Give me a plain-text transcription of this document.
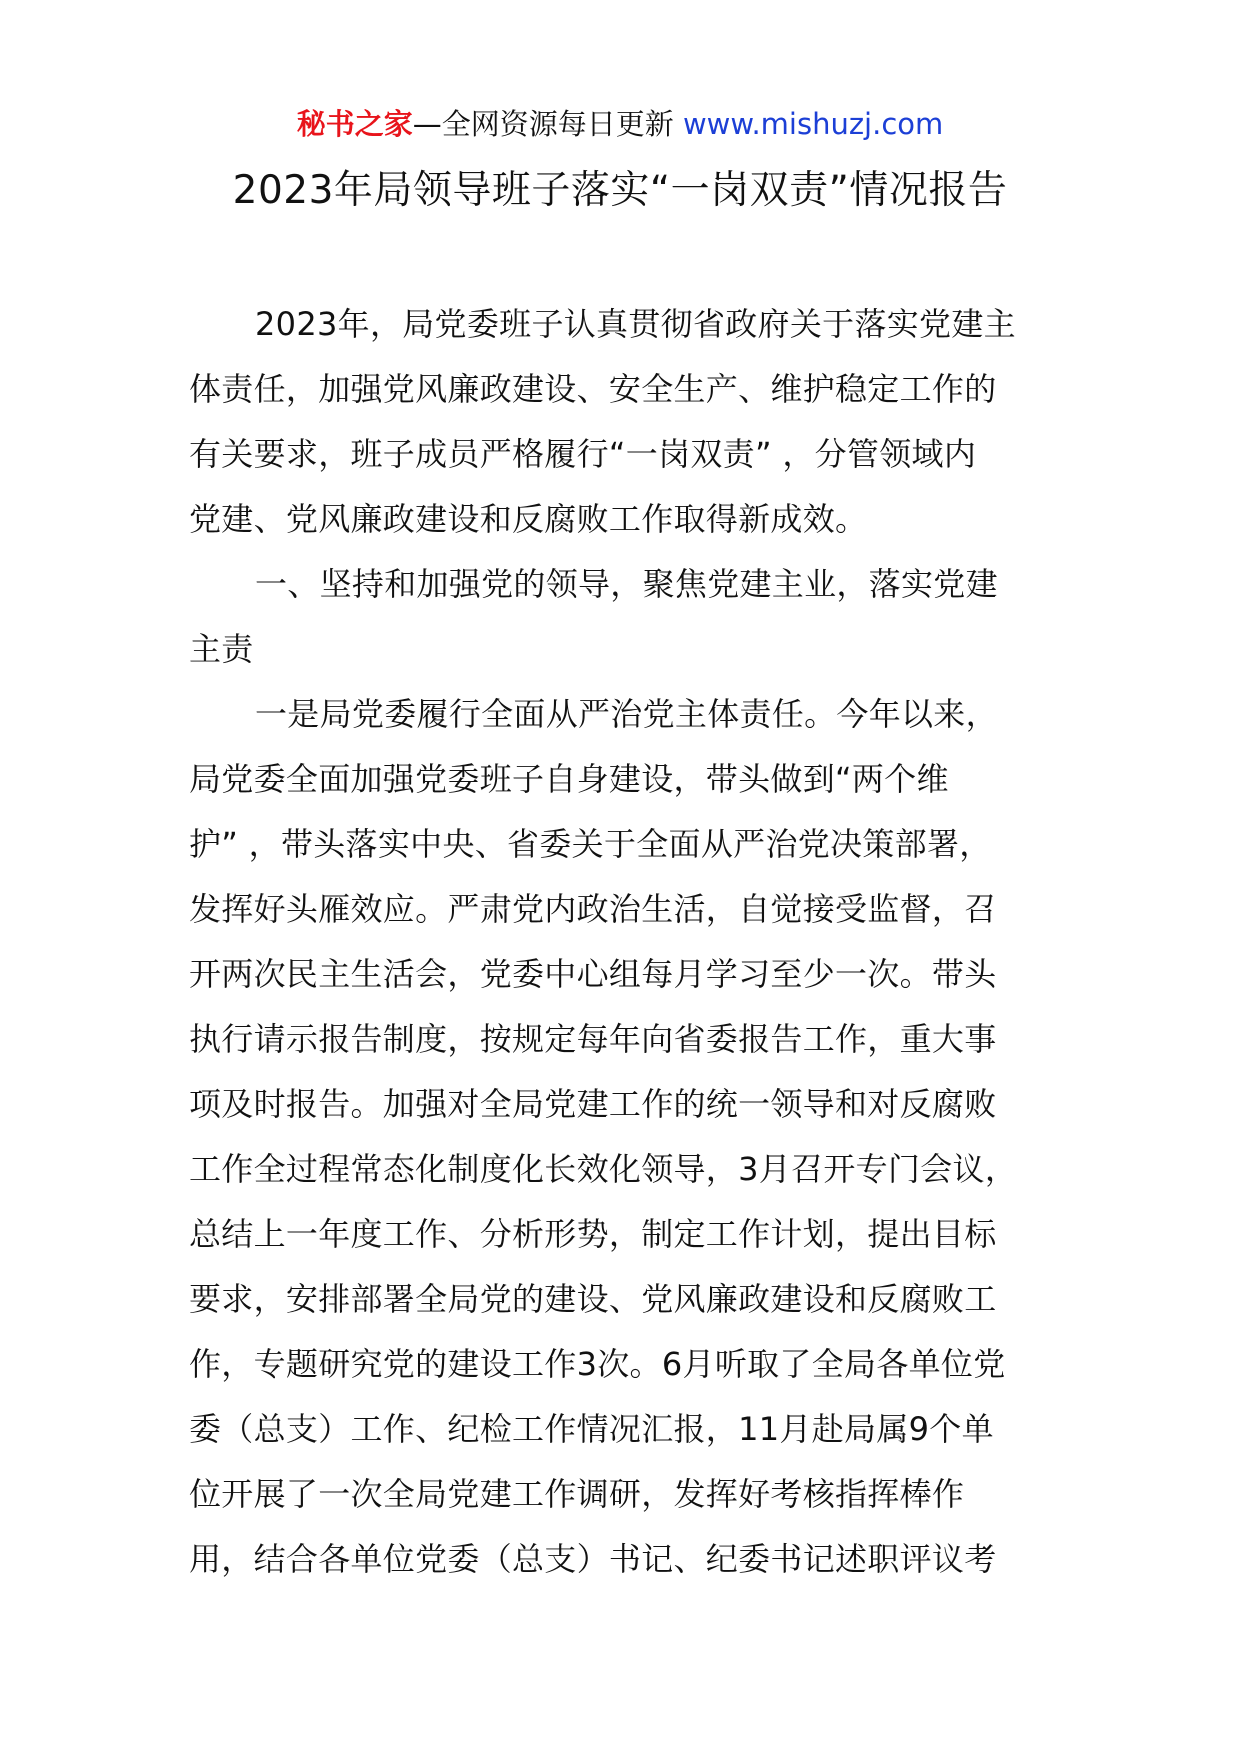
秘书之家—全网资源每日更新 www.mishuzj.com
2023年局领导班子落实“一岗双责”情况报告
2023年，局党委班子认真贯彻省政府关于落实党建主
体责任，加强党风廉政建设、安全生产、维护稳定工作的
有关要求，班子成员严格履行“一岗双责” ，分管领域内
党建、党风廉政建设和反腐败工作取得新成效。
一、坚持和加强党的领导，聚焦党建主业，落实党建
主责
一是局党委履行全面从严治党主体责任。今年以来，
局党委全面加强党委班子自身建设，带头做到“两个维
护” ，带头落实中央、省委关于全面从严治党决策部署，
发挥好头雁效应。严肃党内政治生活，自觉接受监督，召
开两次民主生活会，党委中心组每月学习至少一次。带头
执行请示报告制度，按规定每年向省委报告工作，重大事
项及时报告。加强对全局党建工作的统一领导和对反腐败
工作全过程常态化制度化长效化领导，3月召开专门会议，
总结上一年度工作、分析形势，制定工作计划，提出目标
要求，安排部署全局党的建设、党风廉政建设和反腐败工
作，专题研究党的建设工作3次。6月听取了全局各单位党
委（总支）工作、纪检工作情况汇报，11月赴局属9个单
位开展了一次全局党建工作调研，发挥好考核指挥棒作
用，结合各单位党委（总支）书记、纪委书记述职评议考
